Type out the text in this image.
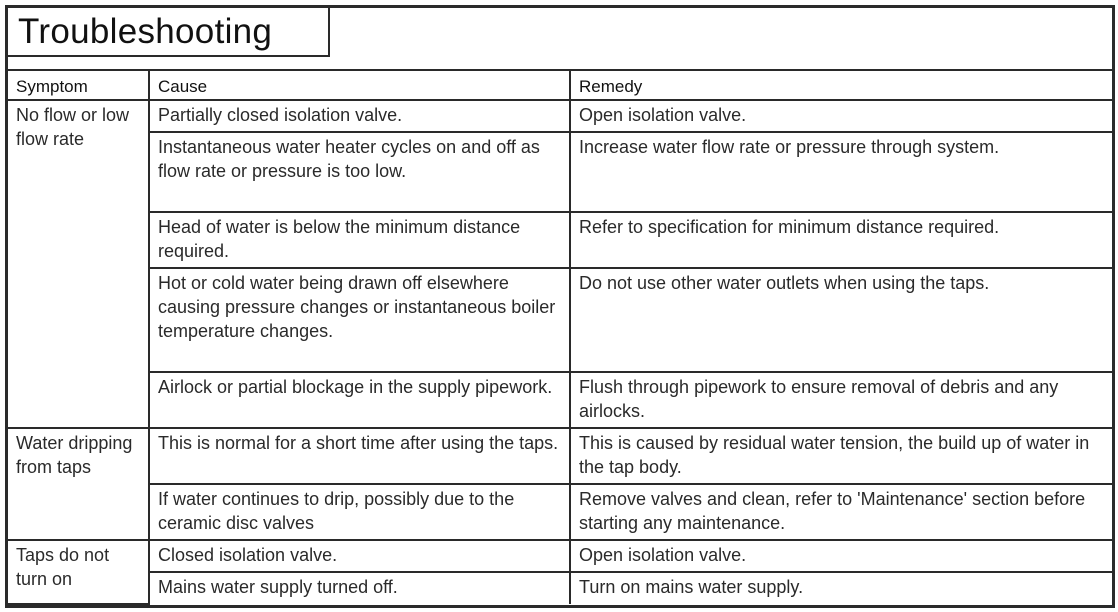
Troubleshooting
Symptom	Cause	Remedy
No flow or low flow rate	Partially closed isolation valve.	Open isolation valve.
	Instantaneous water heater cycles on and off as flow rate or pressure is too low.	Increase water flow rate or pressure through system.
	Head of water is below the minimum distance required.	Refer to specification for minimum distance required.
	Hot or cold water being drawn off elsewhere causing pressure changes or instantaneous boiler temperature changes.	Do not use other water outlets when using the taps.
	Airlock or partial blockage in the supply pipework.	Flush through pipework to ensure removal of debris and any airlocks.
Water dripping from taps	This is normal for a short time after using the taps.	This is caused by residual water tension, the build up of water in the tap body.
	If water continues to drip, possibly due to the ceramic disc valves	Remove valves and clean, refer to 'Maintenance' section before starting any maintenance.
Taps do not turn on	Closed isolation valve.	Open isolation valve.
	Mains water supply turned off.	Turn on mains water supply.
